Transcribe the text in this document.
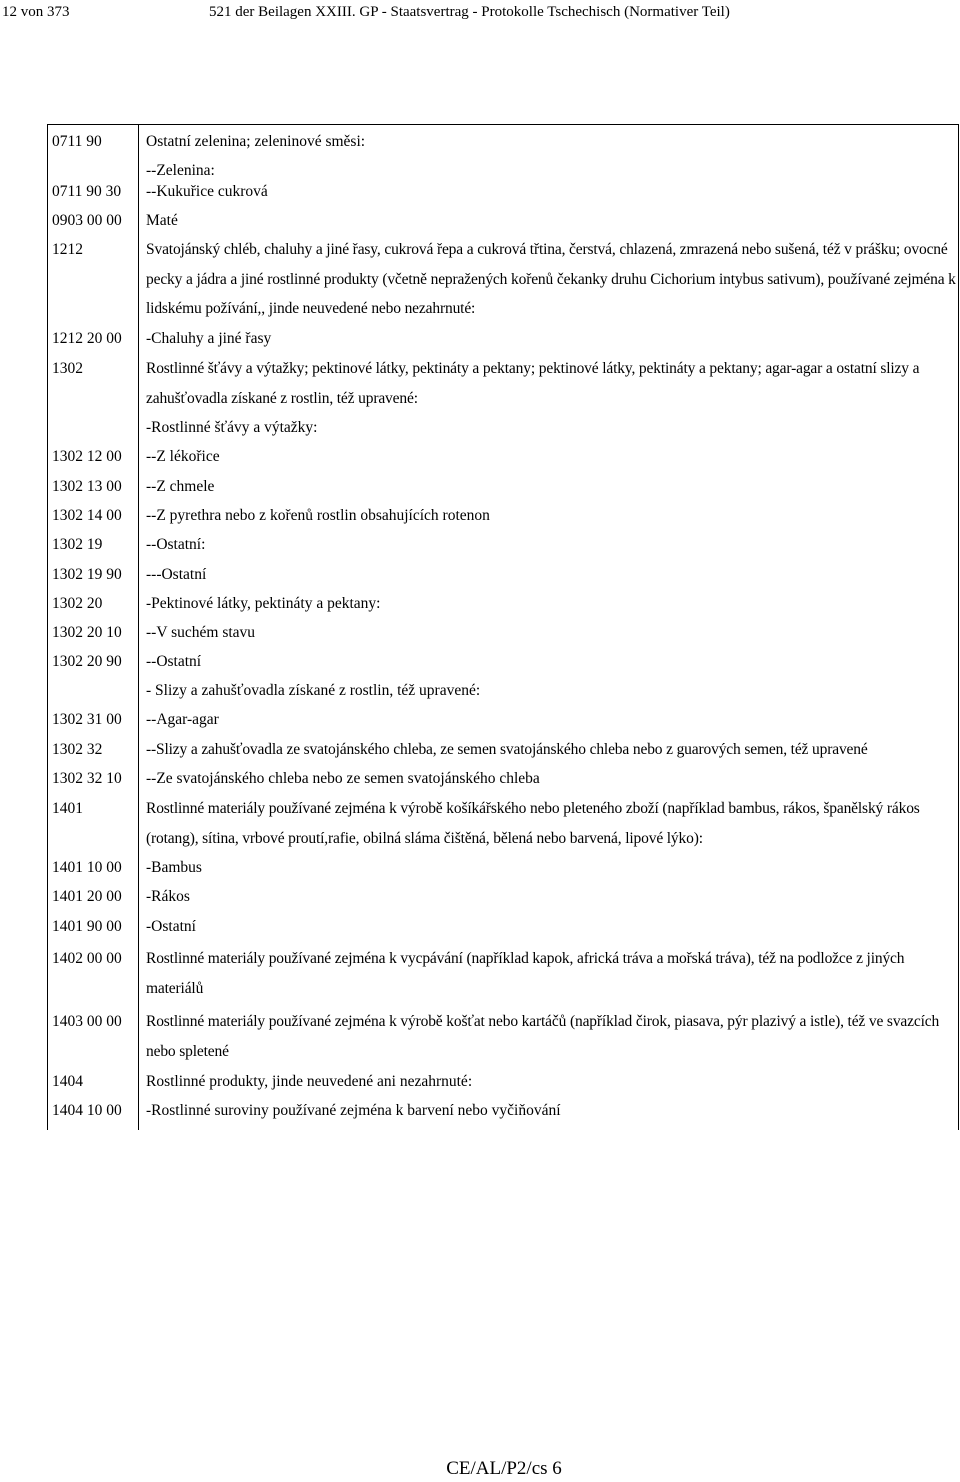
12 von 373	521 der Beilagen XXIII. GP - Staatsvertrag - Protokolle Tschechisch (Normativer Teil)
0711 90	Ostatní zelenina; zeleninové směsi:
--Zelenina:
0711 90 30 --Kukuřice cukrová
0903 00 00 Maté
1212	Svatojánský chléb, chaluhy a jiné řasy, cukrová řepa a cukrová třtina, čerstvá, chlazená, zmrazená nebo sušená, též v prášku; ovocné pecky a jádra a jiné rostlinné produkty (včetně nepražených kořenů čekanky druhu Cichorium intybus sativum), používané zejména k lidskému požívání,, jinde neuvedené nebo nezahrnuté:
1212 20 00 -Chaluhy a jiné řasy
1302	Rostlinné šťávy a výtažky; pektinové látky, pektináty a pektany; pektinové látky, pektináty a pektany; agar-agar a ostatní slizy a zahušťovadla získané z rostlin, též upravené:
-Rostlinné šťávy a výtažky:
1302 12 00 --Z lékořice
1302 13 00 --Z chmele
1302 14 00 --Z pyrethra nebo z kořenů rostlin obsahujících rotenon
1302 19	--Ostatní:
1302 19 90 ---Ostatní
1302 20	-Pektinové látky, pektináty a pektany:
1302 20 10 --V suchém stavu
1302 20 90 --Ostatní
- Slizy a zahušťovadla získané z rostlin, též upravené:
1302 31 00 --Agar-agar
1302 32	--Slizy a zahušťovadla ze svatojánského chleba, ze semen svatojánského chleba nebo z guarových semen, též upravené
1302 32 10 --Ze svatojánského chleba nebo ze semen svatojánského chleba
1401	Rostlinné materiály používané zejména k výrobě košíkářského nebo pleteného zboží (například bambus, rákos, španělský rákos (rotang), sítina, vrbové proutí,rafie, obilná sláma čištěná, bělená nebo barvená, lipové lýko):
1401 10 00 -Bambus
1401 20 00 -Rákos
1401 90 00 -Ostatní
1402 00 00 Rostlinné materiály používané zejména k vycpávání (například kapok, africká tráva a mořská tráva), též na podložce z jiných materiálů
1403 00 00 Rostlinné materiály používané zejména k výrobě košťat nebo kartáčů (například čirok, piasava, pýr plazivý a istle), též ve svazcích nebo spletené
1404	Rostlinné produkty, jinde neuvedené ani nezahrnuté:
1404 10 00 -Rostlinné suroviny používané zejména k barvení nebo vyčiňování
CE/AL/P2/cs 6
